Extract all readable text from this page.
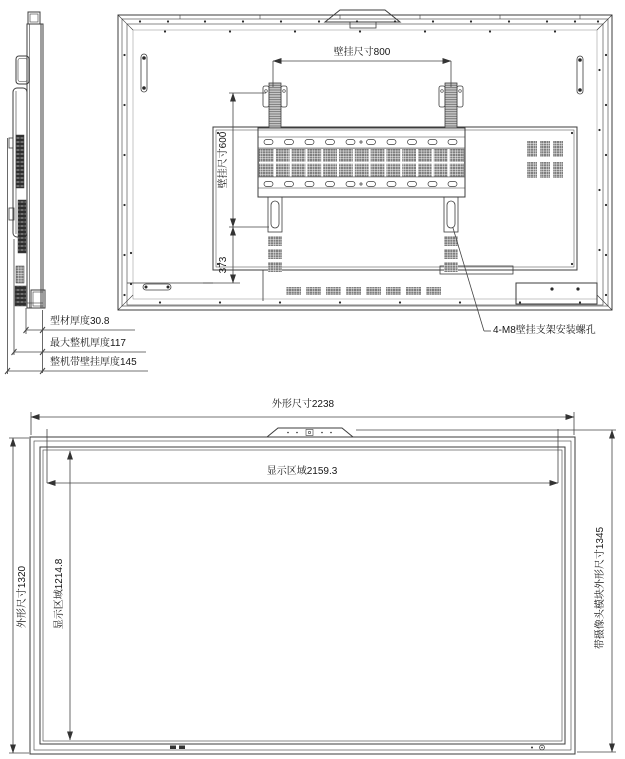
型材厚度30.8
最大整机厚度117
整机带壁挂厚度145
壁挂尺寸800
壁挂尺寸600
373
4-M8壁挂支架安装螺孔
外形尺寸2238
显示区域2159.3
外形尺寸1320	显示区域1214.8	带摄像头模块外形尺寸1345
